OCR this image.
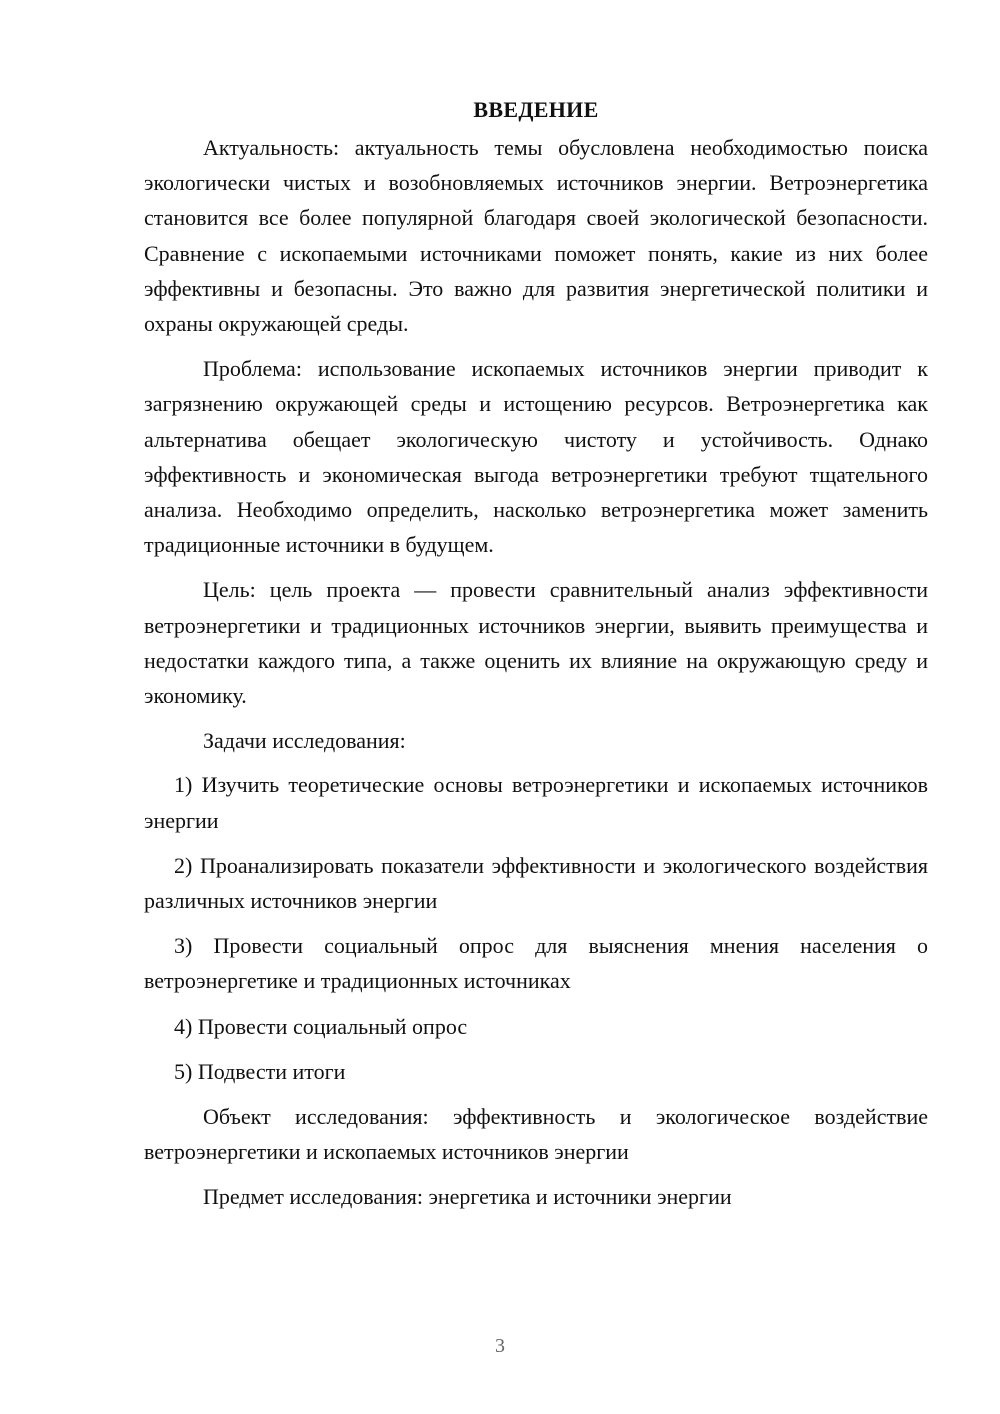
ВВЕДЕНИЕ

Актуальность: актуальность темы обусловлена необходимостью поиска экологически чистых и возобновляемых источников энергии. Ветроэнергетика становится все более популярной благодаря своей экологической безопасности. Сравнение с ископаемыми источниками поможет понять, какие из них более эффективны и безопасны. Это важно для развития энергетической политики и охраны окружающей среды.

Проблема: использование ископаемых источников энергии приводит к загрязнению окружающей среды и истощению ресурсов. Ветроэнергетика как альтернатива обещает экологическую чистоту и устойчивость. Однако эффективность и экономическая выгода ветроэнергетики требуют тщательного анализа. Необходимо определить, насколько ветроэнергетика может заменить традиционные источники в будущем.

Цель: цель проекта — провести сравнительный анализ эффективности ветроэнергетики и традиционных источников энергии, выявить преимущества и недостатки каждого типа, а также оценить их влияние на окружающую среду и экономику.

Задачи исследования:

1) Изучить теоретические основы ветроэнергетики и ископаемых источников энергии

2) Проанализировать показатели эффективности и экологического воздействия различных источников энергии

3) Провести социальный опрос для выяснения мнения населения о ветроэнергетике и традиционных источниках

4) Провести социальный опрос

5) Подвести итоги

Объект исследования: эффективность и экологическое воздействие ветроэнергетики и ископаемых источников энергии

Предмет исследования: энергетика и источники энергии

3
